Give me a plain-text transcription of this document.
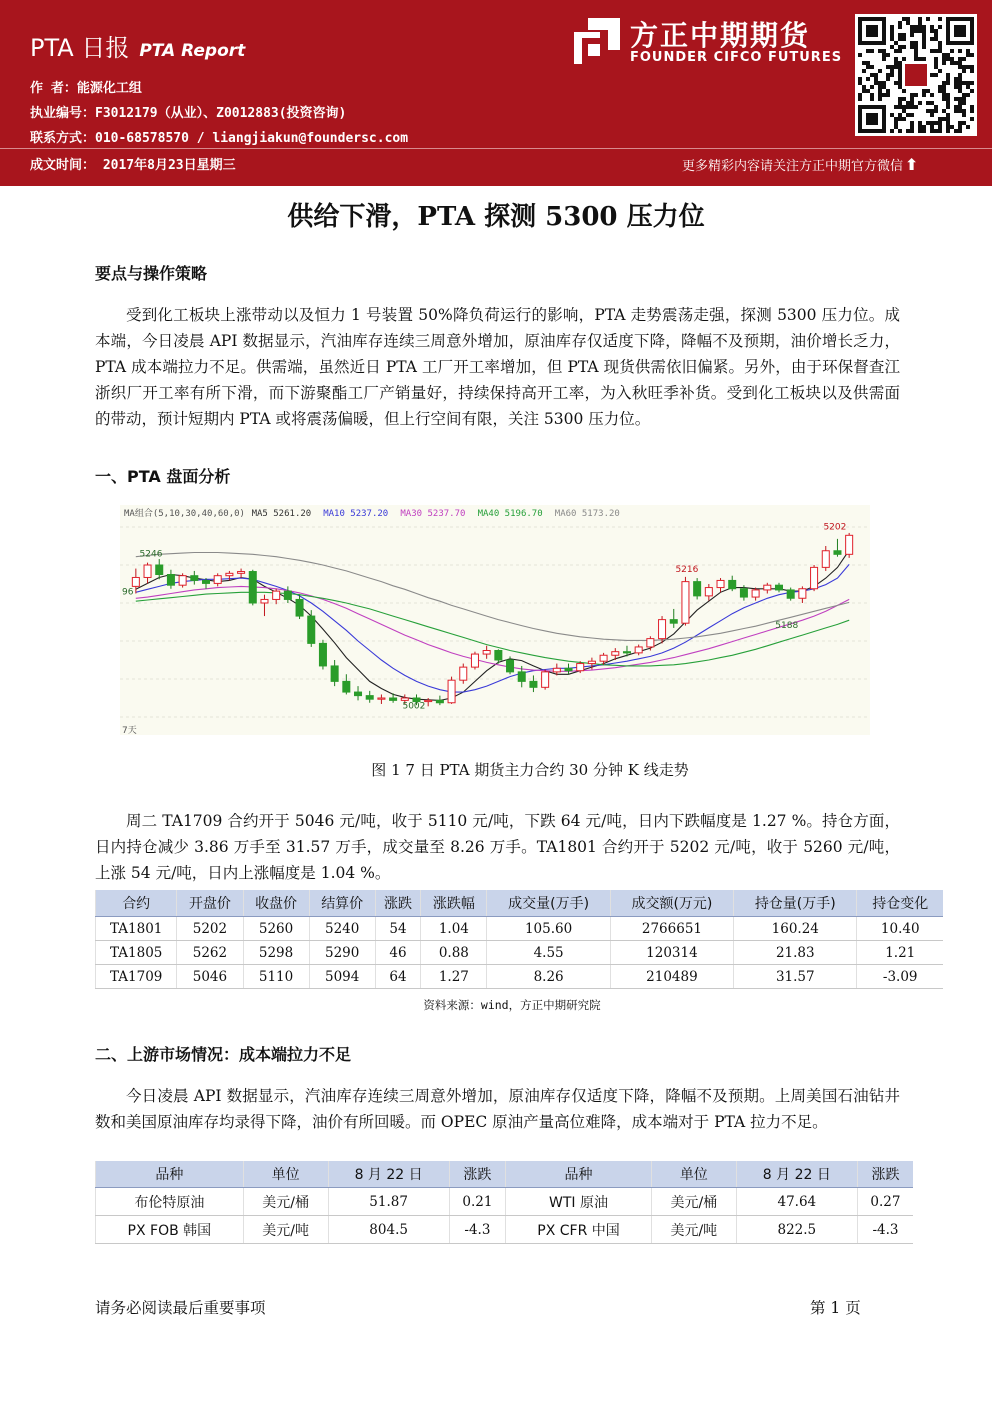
PTA 日报 PTA Report
作 者：能源化工组
执业编号：F3012179（从业）、Z0012883(投资咨询)
联系方式：010-68578570 / liangjiakun@foundersc.com
成文时间： 2017年8月23日星期三
方正中期期货
FOUNDER CIFCO FUTURES
更多精彩内容请关注方正中期官方微信 ⬆
供给下滑，PTA 探测 5300 压力位
要点与操作策略
受到化工板块上涨带动以及恒力 1 号装置 50%降负荷运行的影响，PTA 走势震荡走强，探测 5300 压力位。成本端，今日凌晨 API 数据显示，汽油库存连续三周意外增加，原油库存仅适度下降，降幅不及预期，油价增长乏力，PTA 成本端拉力不足。供需端，虽然近日 PTA 工厂开工率增加，但 PTA 现货供需依旧偏紧。另外，由于环保督查江浙织厂开工率有所下滑，而下游聚酯工厂产销量好，持续保持高开工率，为入秋旺季补货。受到化工板块以及供需面的带动，预计短期内 PTA 或将震荡偏暖，但上行空间有限，关注 5300 压力位。
一、PTA 盘面分析
MA组合(5,10,30,40,60,0) MA5 5261.20 MA10 5237.20 MA30 5237.70 MA40 5196.70 MA60 5173.20
5202
5216
5246
96
5188
5002
7天
图 1 7 日 PTA 期货主力合约 30 分钟 K 线走势
周二 TA1709 合约开于 5046 元/吨，收于 5110 元/吨，下跌 64 元/吨，日内下跌幅度是 1.27 %。持仓方面，日内持仓减少 3.86 万手至 31.57 万手，成交量至 8.26 万手。TA1801 合约开于 5202 元/吨，收于 5260 元/吨，上涨 54 元/吨，日内上涨幅度是 1.04 %。
合约	开盘价	收盘价	结算价	涨跌	涨跌幅	成交量(万手)	成交额(万元)	持仓量(万手)	持仓变化
TA1801	5202	5260	5240	54	1.04	105.60	2766651	160.24	10.40
TA1805	5262	5298	5290	46	0.88	4.55	120314	21.83	1.21
TA1709	5046	5110	5094	64	1.27	8.26	210489	31.57	-3.09
资料来源：wind，方正中期研究院
二、上游市场情况：成本端拉力不足
今日凌晨 API 数据显示，汽油库存连续三周意外增加，原油库存仅适度下降，降幅不及预期。上周美国石油钻井数和美国原油库存均录得下降，油价有所回暖。而 OPEC 原油产量高位难降，成本端对于 PTA 拉力不足。
品种	单位	8 月 22 日	涨跌	品种	单位	8 月 22 日	涨跌
布伦特原油	美元/桶	51.87	0.21	WTI 原油	美元/桶	47.64	0.27
PX FOB 韩国	美元/吨	804.5	-4.3	PX CFR 中国	美元/吨	822.5	-4.3
请务必阅读最后重要事项	第 1 页
